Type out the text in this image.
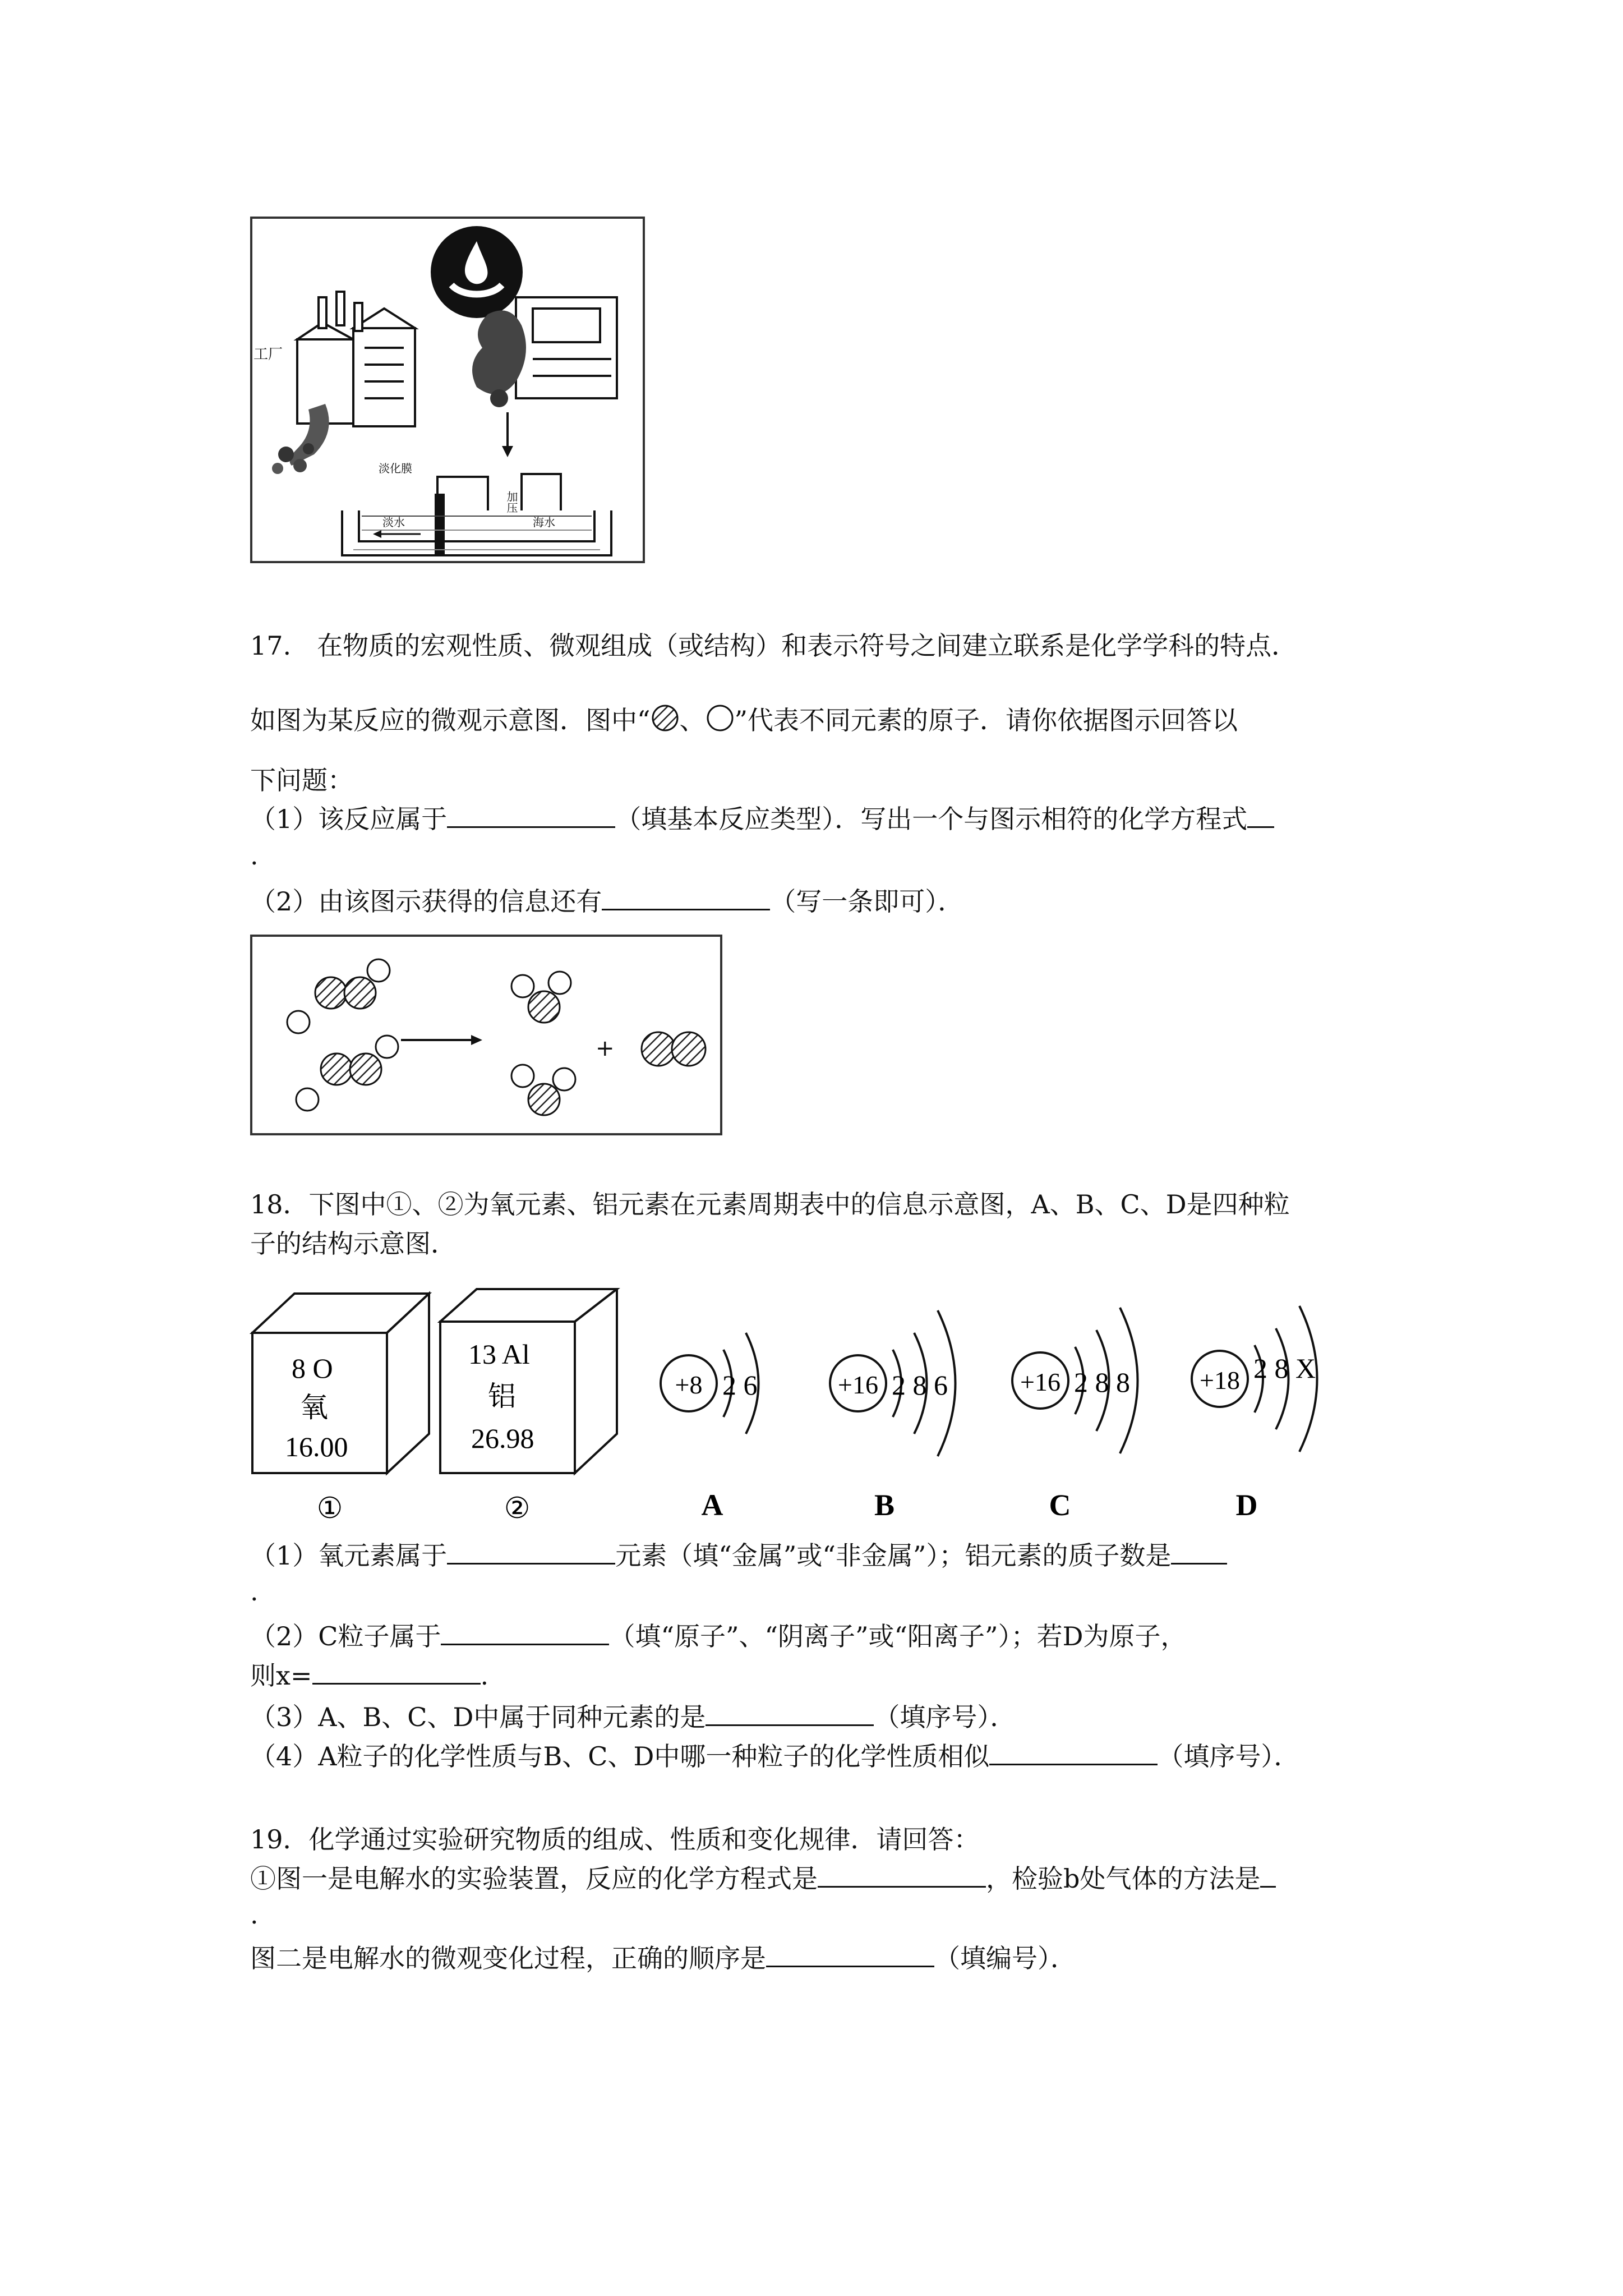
工厂
淡化膜
淡水
加压
海水
17.　在物质的宏观性质、微观组成（或结构）和表示符号之间建立联系是化学学科的特点．
如图为某反应的微观示意图．图中“ 、 ”代表不同元素的原子．请你依据图示回答以
下问题：
（1）该反应属于	（填基本反应类型）．写出一个与图示相符的化学方程式
.
（2）由该图示获得的信息还有	（写一条即可）．
+
18．下图中①、②为氧元素、铝元素在元素周期表中的信息示意图，A、B、C、D是四种粒
子的结构示意图．
8 O
氧
16.00
13 Al
铝
26.98
+8 2 6	+16 2 8 6	+16 2 8 8	+18 2 8 X
①	②	A	B	C	D
（1）氧元素属于	元素（填“金属”或“非金属”）；铝元素的质子数是
.
（2）C粒子属于	（填“原子”、“阴离子”或“阳离子”）；若D为原子，
则x=	.
（3）A、B、C、D中属于同种元素的是	（填序号）．
（4）A粒子的化学性质与B、C、D中哪一种粒子的化学性质相似	（填序号）．
19．化学通过实验研究物质的组成、性质和变化规律．请回答：
①图一是电解水的实验装置，反应的化学方程式是	，检验b处气体的方法是
.
图二是电解水的微观变化过程，正确的顺序是	（填编号）．
